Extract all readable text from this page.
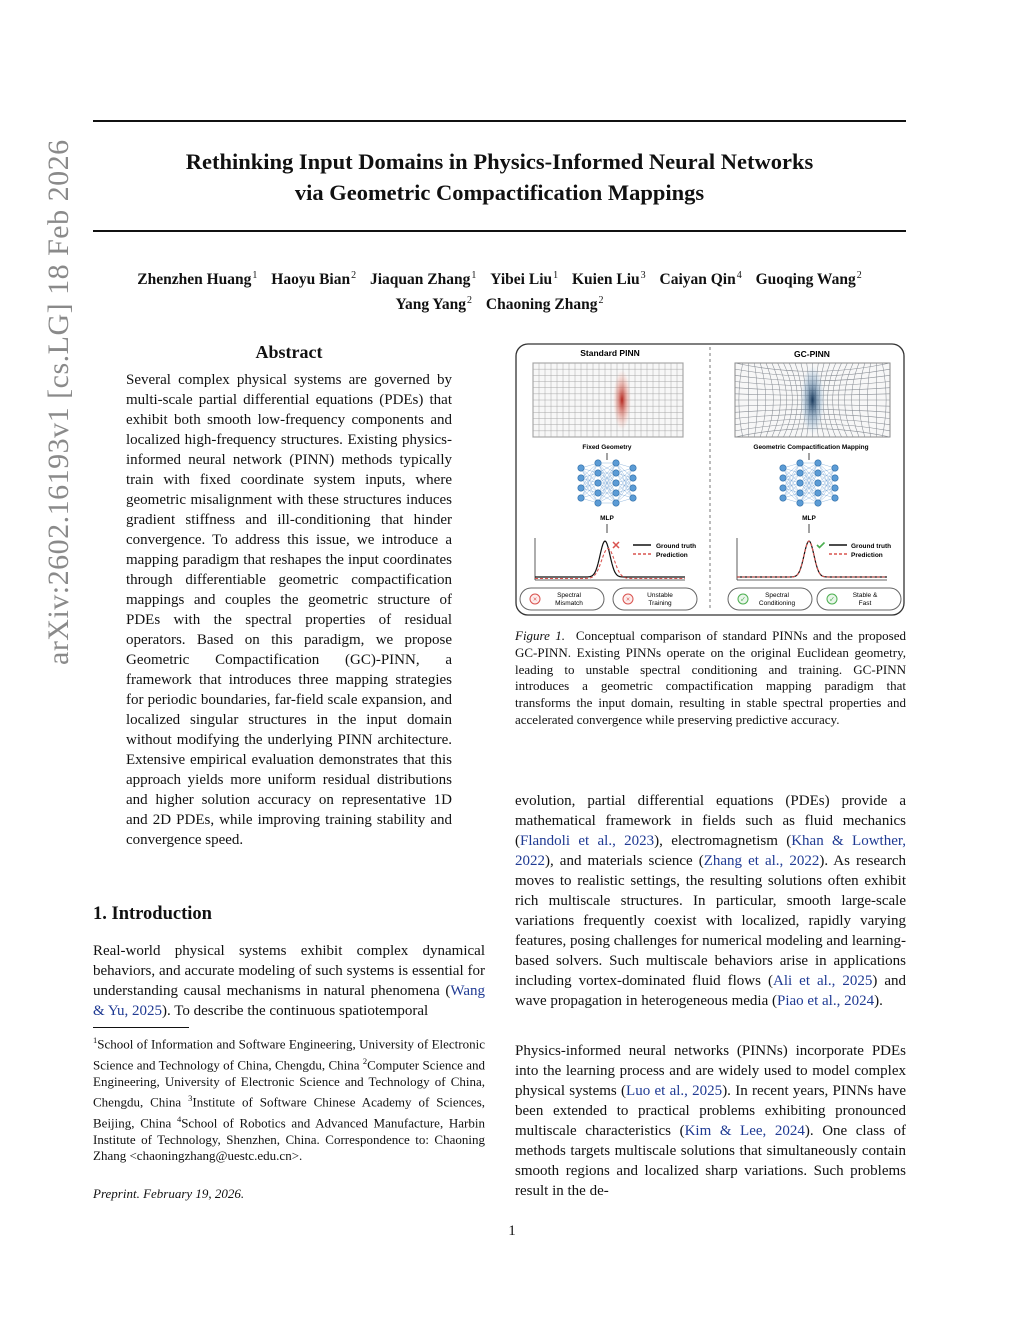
Rethinking Input Domains in Physics-Informed Neural Networks
via Geometric Compactification Mappings
Zhenzhen Huang$^1$ Haoyu Bian$^2$ Jiaquan Zhang$^1$ Yibei Liu$^1$ Kuien Liu$^3$ Caiyan Qin$^4$ Guoqing Wang$^2$
Yang Yang$^2$ Chaoning Zhang$^2$
arXiv:2602.16193v1 [cs.LG] 18 Feb 2026	Abstract
Several complex physical systems are governed by multi-scale partial differential equations (PDEs) that exhibit both smooth low-frequency components and localized high-frequency structures. Existing physics-informed neural network (PINN) methods typically train with fixed coordinate system inputs, where geometric misalignment with these structures induces gradient stiffness and ill-conditioning that hinder convergence. To address this issue, we introduce a mapping paradigm that reshapes the input coordinates through differentiable geometric compactification mappings and couples the geometric structure of PDEs with the spectral properties of residual operators. Based on this paradigm, we propose Geometric Compactification (GC)-PINN, a framework that introduces three mapping strategies for periodic boundaries, far-field scale expansion, and localized singular structures in the input domain without modifying the underlying PINN architecture. Extensive empirical evaluation demonstrates that this approach yields more uniform residual distributions and higher solution accuracy on representative 1D and 2D PDEs, while improving training stability and convergence speed.
1. Introduction
Real-world physical systems exhibit complex dynamical behaviors, and accurate modeling of such systems is essential for understanding causal mechanisms in natural phenomena (Wang & Yu, 2025). To describe the continuous spatiotemporal
$^1$School of Information and Software Engineering, University of Electronic Science and Technology of China, Chengdu, China $^2$Computer Science and Engineering, University of Electronic Science and Technology of China, Chengdu, China $^3$Institute of Software Chinese Academy of Sciences, Beijing, China $^4$School of Robotics and Advanced Manufacture, Harbin Institute of Technology, Shenzhen, China. Correspondence to: Chaoning Zhang <chaoningzhang@uestc.edu.cn>.
Preprint. February 19, 2026.
Standard PINN	GC-PINN
Fixed Geometry	Geometric Compactification Mapping
MLP	MLP
Ground truth
Prediction
Ground truth
Prediction
×
Spectral
Mismatch	×
Unstable
Training	✓
Spectral
Conditioning	✓
Stable &
Fast
Figure 1. Conceptual comparison of standard PINNs and the proposed GC-PINN. Existing PINNs operate on the original Euclidean geometry, leading to unstable spectral conditioning and training. GC-PINN introduces a geometric compactification mapping paradigm that transforms the input domain, resulting in stable spectral properties and accelerated convergence while preserving predictive accuracy.
evolution, partial differential equations (PDEs) provide a mathematical framework in fields such as fluid mechanics (Flandoli et al., 2023), electromagnetism (Khan & Lowther, 2022), and materials science (Zhang et al., 2022). As research moves to realistic settings, the resulting solutions often exhibit rich multiscale structures. In particular, smooth large-scale variations frequently coexist with localized, rapidly varying features, posing challenges for numerical modeling and learning-based solvers. Such multiscale behaviors arise in applications including vortex-dominated fluid flows (Ali et al., 2025) and wave propagation in heterogeneous media (Piao et al., 2024).
Physics-informed neural networks (PINNs) incorporate PDEs into the learning process and are widely used to model complex physical systems (Luo et al., 2025). In recent years, PINNs have been extended to practical problems exhibiting pronounced multiscale characteristics (Kim & Lee, 2024). One class of methods targets multiscale solutions that simultaneously contain smooth regions and localized sharp variations. Such problems result in the de-
1
